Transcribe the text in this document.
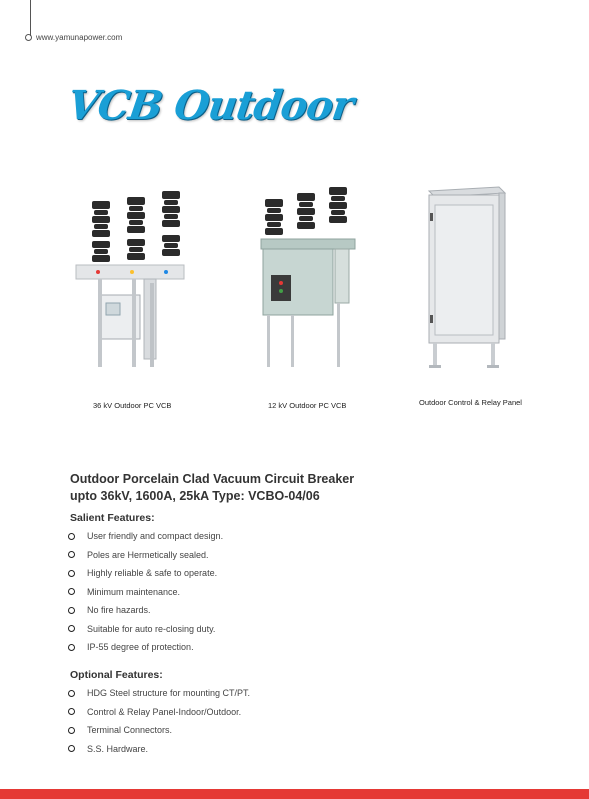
www.yamunapower.com
VCB Outdoor
36 kV Outdoor PC VCB	12 kV Outdoor PC VCB	Outdoor Control & Relay Panel
Outdoor Porcelain Clad Vacuum Circuit Breaker
upto 36kV, 1600A, 25kA Type: VCBO-04/06
Salient Features:
User friendly and compact design.
Poles are Hermetically sealed.
Highly reliable & safe to operate.
Minimum maintenance.
No fire hazards.
Suitable for auto re-closing duty.
IP-55 degree of protection.
Optional Features:
HDG Steel structure for mounting CT/PT.
Control & Relay Panel-Indoor/Outdoor.
Terminal Connectors.
S.S. Hardware.
